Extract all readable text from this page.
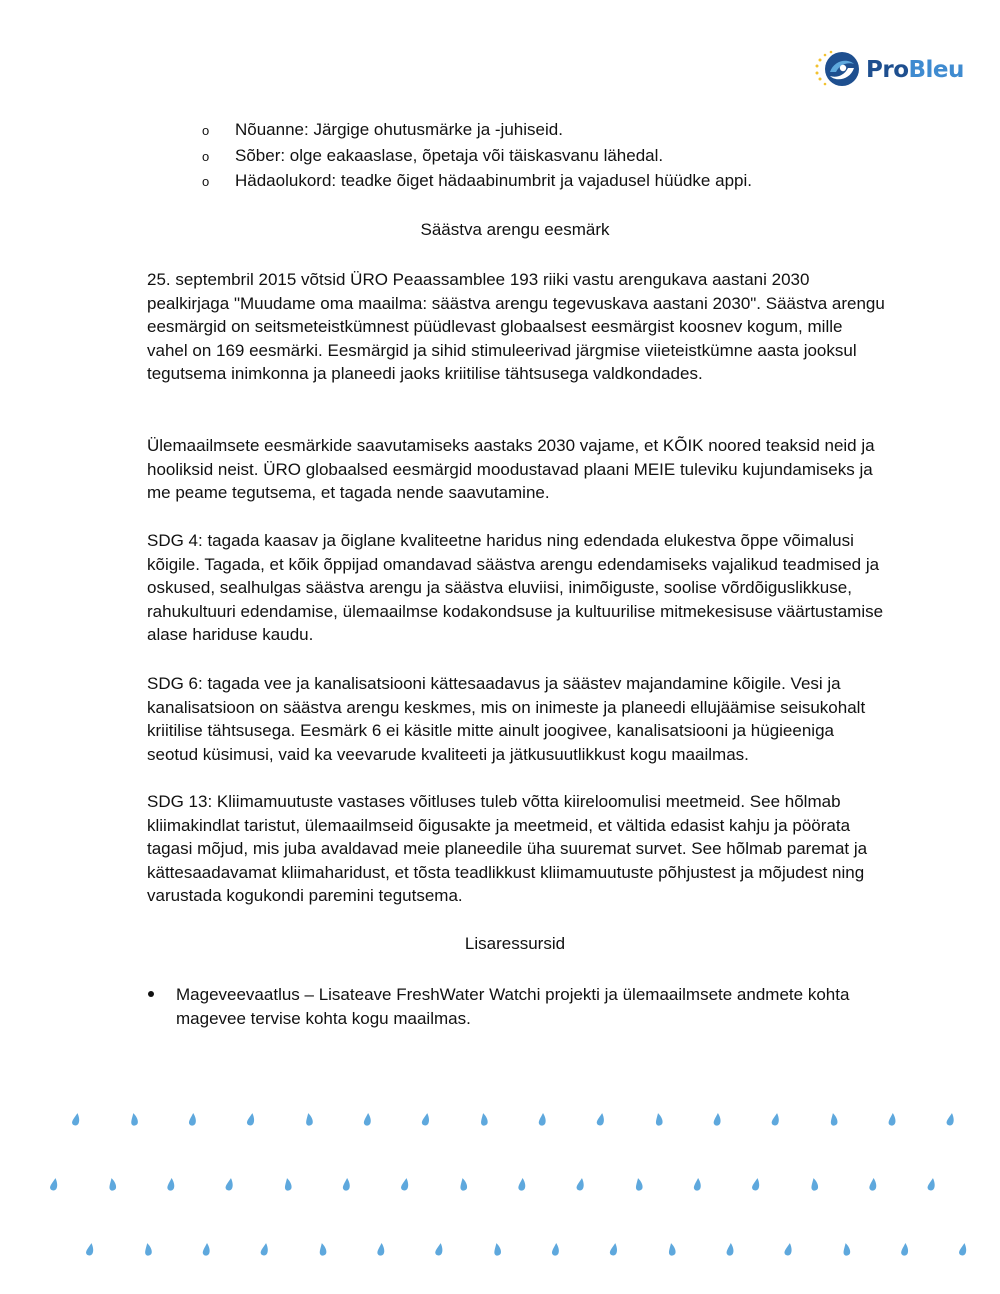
ProBleu
o Nõuanne: Järgige ohutusmärke ja -juhiseid.
o Sõber: olge eakaaslase, õpetaja või täiskasvanu lähedal.
o Hädaolukord: teadke õiget hädaabinumbrit ja vajadusel hüüdke appi.
Säästva arengu eesmärk

25. septembril 2015 võtsid ÜRO Peaassamblee 193 riiki vastu arengukava aastani 2030 pealkirjaga "Muudame oma maailma: säästva arengu tegevuskava aastani 2030". Säästva arengu eesmärgid on seitsmeteistkümnest püüdlevast globaalsest eesmärgist koosnev kogum, mille vahel on 169 eesmärki. Eesmärgid ja sihid stimuleerivad järgmise viieteistkümne aasta jooksul tegutsema inimkonna ja planeedi jaoks kriitilise tähtsusega valdkondades.

Ülemaailmsete eesmärkide saavutamiseks aastaks 2030 vajame, et KÕIK noored teaksid neid ja hooliksid neist. ÜRO globaalsed eesmärgid moodustavad plaani MEIE tuleviku kujundamiseks ja me peame tegutsema, et tagada nende saavutamine.

SDG 4: tagada kaasav ja õiglane kvaliteetne haridus ning edendada elukestva õppe võimalusi kõigile. Tagada, et kõik õppijad omandavad säästva arengu edendamiseks vajalikud teadmised ja oskused, sealhulgas säästva arengu ja säästva eluviisi, inimõiguste, soolise võrdõiguslikkuse, rahukultuuri edendamise, ülemaailmse kodakondsuse ja kultuurilise mitmekesisuse väärtustamise alase hariduse kaudu.

SDG 6: tagada vee ja kanalisatsiooni kättesaadavus ja säästev majandamine kõigile. Vesi ja kanalisatsioon on säästva arengu keskmes, mis on inimeste ja planeedi ellujäämise seisukohalt kriitilise tähtsusega. Eesmärk 6 ei käsitle mitte ainult joogivee, kanalisatsiooni ja hügieeniga seotud küsimusi, vaid ka veevarude kvaliteeti ja jätkusuutlikkust kogu maailmas.

SDG 13: Kliimamuutuste vastases võitluses tuleb võtta kiireloomulisi meetmeid. See hõlmab kliimakindlat taristut, ülemaailmseid õigusakte ja meetmeid, et vältida edasist kahju ja pöörata tagasi mõjud, mis juba avaldavad meie planeedile üha suuremat survet. See hõlmab paremat ja kättesaadavamat kliimaharidust, et tõsta teadlikkust kliimamuutuste põhjustest ja mõjudest ning varustada kogukondi paremini tegutsema.

Lisaressursid
Mageveevaatlus – Lisateave FreshWater Watchi projekti ja ülemaailmsete andmete kohta magevee tervise kohta kogu maailmas.
